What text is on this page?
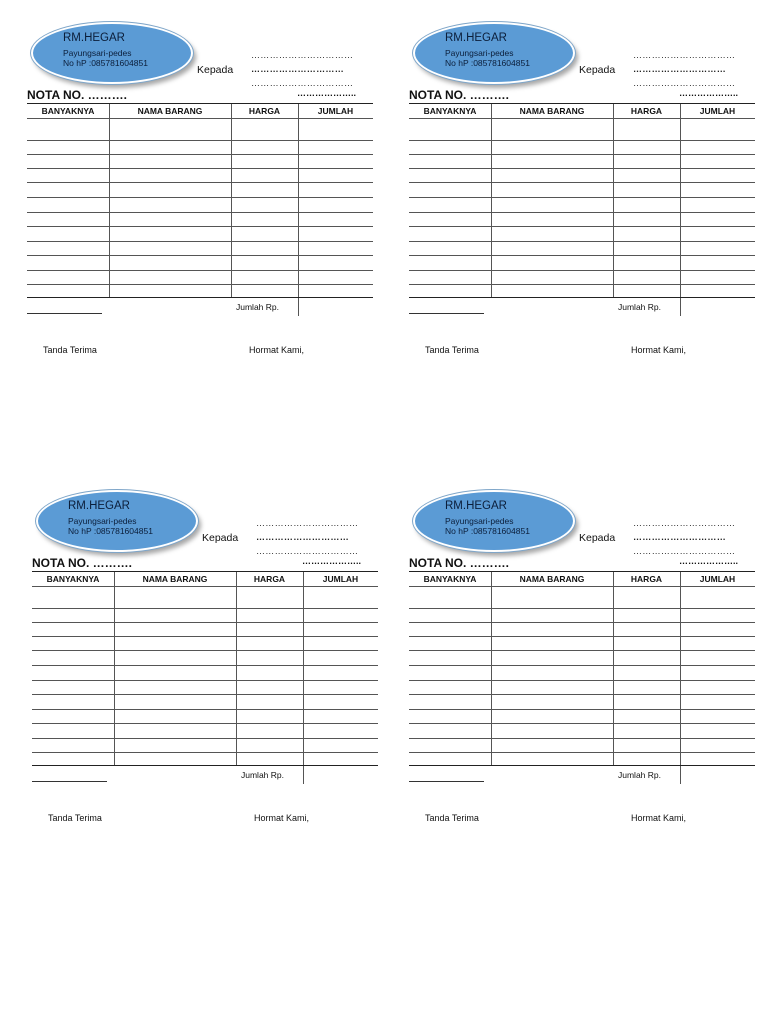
RM.HEGAR
Payungsari-pedes
No hP :085781604851
……………………………
Kepada …………………………
……………………………
NOTA NO. ……….	………………..
BANYAKNYA	NAMA BARANG	HARGA	JUMLAH
Jumlah Rp.
Tanda Terima	Hormat Kami,
RM.HEGAR
Payungsari-pedes
No hP :085781604851
……………………………
Kepada …………………………
……………………………
NOTA NO. ……….	………………..
BANYAKNYA	NAMA BARANG	HARGA	JUMLAH
Jumlah Rp.
Tanda Terima	Hormat Kami,
RM.HEGAR
Payungsari-pedes
No hP :085781604851
……………………………
Kepada …………………………
……………………………
NOTA NO. ……….	………………..
BANYAKNYA	NAMA BARANG	HARGA	JUMLAH
Jumlah Rp.
Tanda Terima	Hormat Kami,
RM.HEGAR
Payungsari-pedes
No hP :085781604851
……………………………
Kepada …………………………
……………………………
NOTA NO. ……….	………………..
BANYAKNYA	NAMA BARANG	HARGA	JUMLAH
Jumlah Rp.
Tanda Terima	Hormat Kami,
